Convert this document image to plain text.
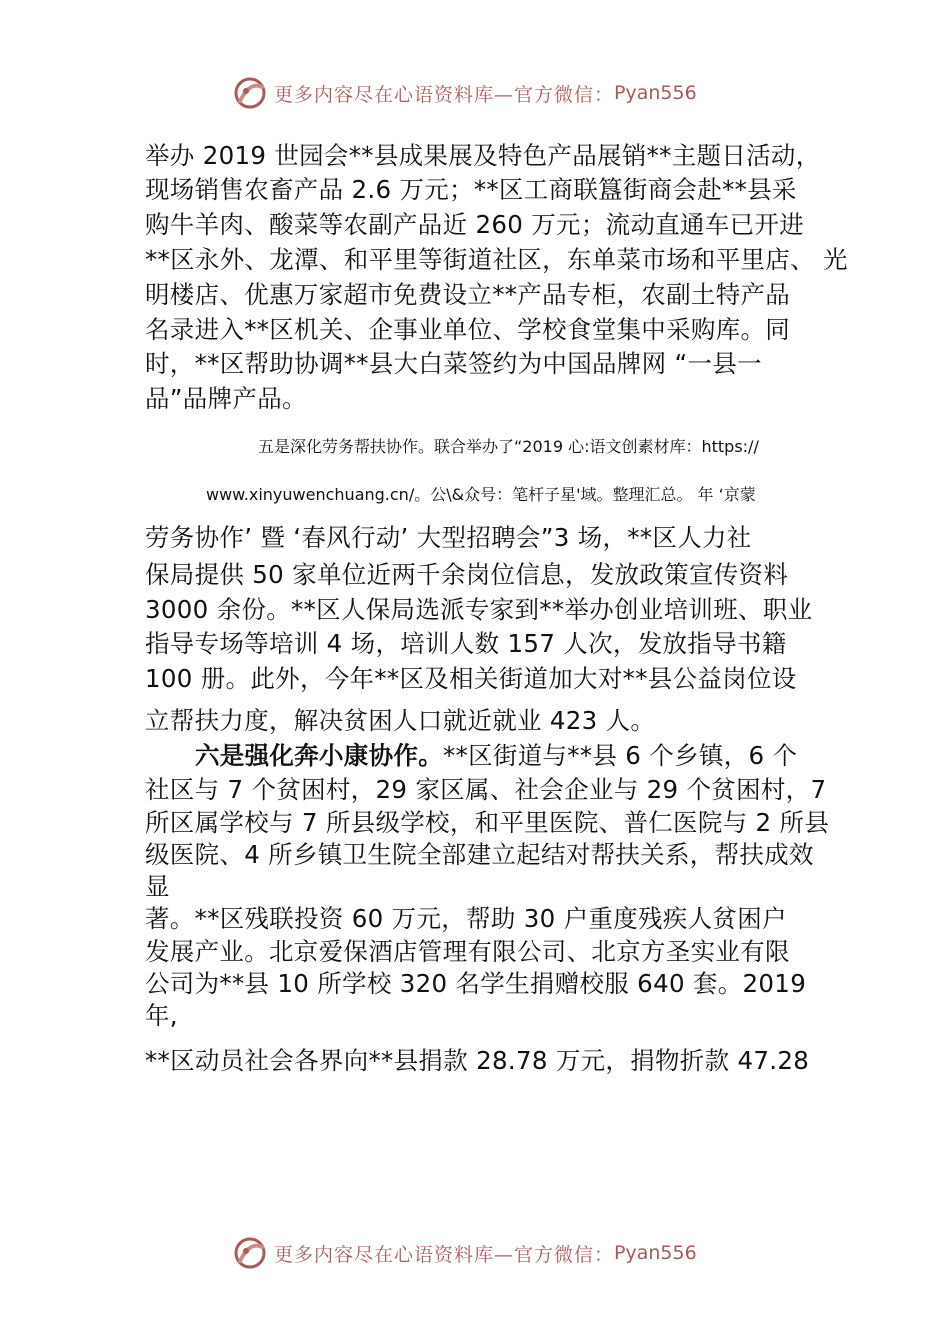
更多内容尽在心语资料库—官方微信： Pyan556
举办 2019 世园会**县成果展及特色产品展销**主题日活动，
现场销售农畜产品 2.6 万元；**区工商联簋街商会赴**县采
购牛羊肉、酸菜等农副产品近 260 万元；流动直通车已开进
**区永外、龙潭、和平里等街道社区，东单菜市场和平里店、 光
明楼店、优惠万家超市免费设立**产品专柜，农副土特产品
名录进入**区机关、企事业单位、学校食堂集中采购库。同
时，**区帮助协调**县大白菜签约为中国品牌网 “一县一
品”品牌产品。
五是深化劳务帮扶协作。联合举办了“2019 心:语文创素材库：https://
www.xinyuwenchuang.cn/。公\&众号：笔杆子星'域。整理汇总。 年 ‘京蒙
劳务协作’ 暨 ‘春风行动’ 大型招聘会”3 场，**区人力社
保局提供 50 家单位近两千余岗位信息，发放政策宣传资料
3000 余份。**区人保局选派专家到**举办创业培训班、职业
指导专场等培训 4 场，培训人数 157 人次，发放指导书籍
100 册。此外，今年**区及相关街道加大对**县公益岗位设
立帮扶力度，解决贫困人口就近就业 423 人。
六是强化奔小康协作。**区街道与**县 6 个乡镇，6 个
社区与 7 个贫困村，29 家区属、社会企业与 29 个贫困村，7
所区属学校与 7 所县级学校，和平里医院、普仁医院与 2 所县
级医院、4 所乡镇卫生院全部建立起结对帮扶关系，帮扶成效
显
著。**区残联投资 60 万元，帮助 30 户重度残疾人贫困户
发展产业。北京爱保酒店管理有限公司、北京方圣实业有限
公司为**县 10 所学校 320 名学生捐赠校服 640 套。2019
年,
**区动员社会各界向**县捐款 28.78 万元，捐物折款 47.28
更多内容尽在心语资料库—官方微信： Pyan556
